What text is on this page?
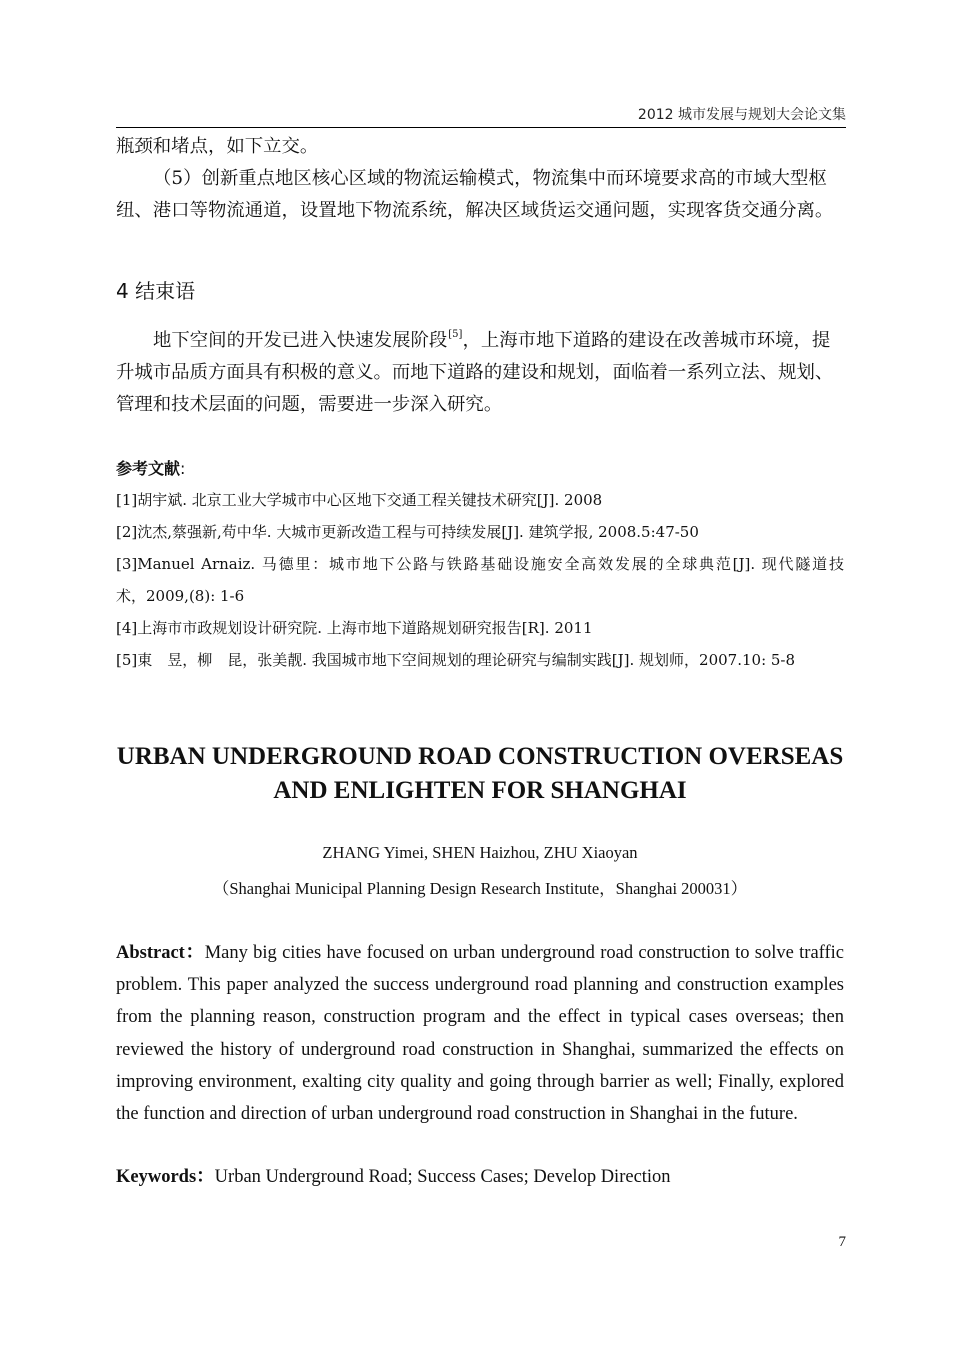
2012 城市发展与规划大会论文集
瓶颈和堵点，如下立交。
（5）创新重点地区核心区域的物流运输模式，物流集中而环境要求高的市域大型枢纽、港口等物流通道，设置地下物流系统，解决区域货运交通问题，实现客货交通分离。
4 结束语
地下空间的开发已进入快速发展阶段[5]，上海市地下道路的建设在改善城市环境，提升城市品质方面具有积极的意义。而地下道路的建设和规划，面临着一系列立法、规划、管理和技术层面的问题，需要进一步深入研究。
参考文献:
[1]胡宇斌. 北京工业大学城市中心区地下交通工程关键技术研究[J]. 2008
[2]沈杰,蔡强新,苟中华. 大城市更新改造工程与可持续发展[J]. 建筑学报, 2008.5:47-50
[3]Manuel Arnaiz. 马德里：城市地下公路与铁路基础设施安全高效发展的全球典范[J]. 现代隧道技
术，2009,(8): 1-6
[4]上海市市政规划设计研究院. 上海市地下道路规划研究报告[R]. 2011
[5]東　昱，柳　昆，张美靓. 我国城市地下空间规划的理论研究与编制实践[J]. 规划师，2007.10: 5-8
URBAN UNDERGROUND ROAD CONSTRUCTION OVERSEAS
AND ENLIGHTEN FOR SHANGHAI
ZHANG Yimei, SHEN Haizhou, ZHU Xiaoyan
（Shanghai Municipal Planning Design Research Institute，Shanghai 200031）
Abstract：Many big cities have focused on urban underground road construction to solve traffic problem. This paper analyzed the success underground road planning and construction examples from the planning reason, construction program and the effect in typical cases overseas; then reviewed the history of underground road construction in Shanghai, summarized the effects on improving environment, exalting city quality and going through barrier as well; Finally, explored the function and direction of urban underground road construction in Shanghai in the future.
Keywords：Urban Underground Road; Success Cases; Develop Direction
7
